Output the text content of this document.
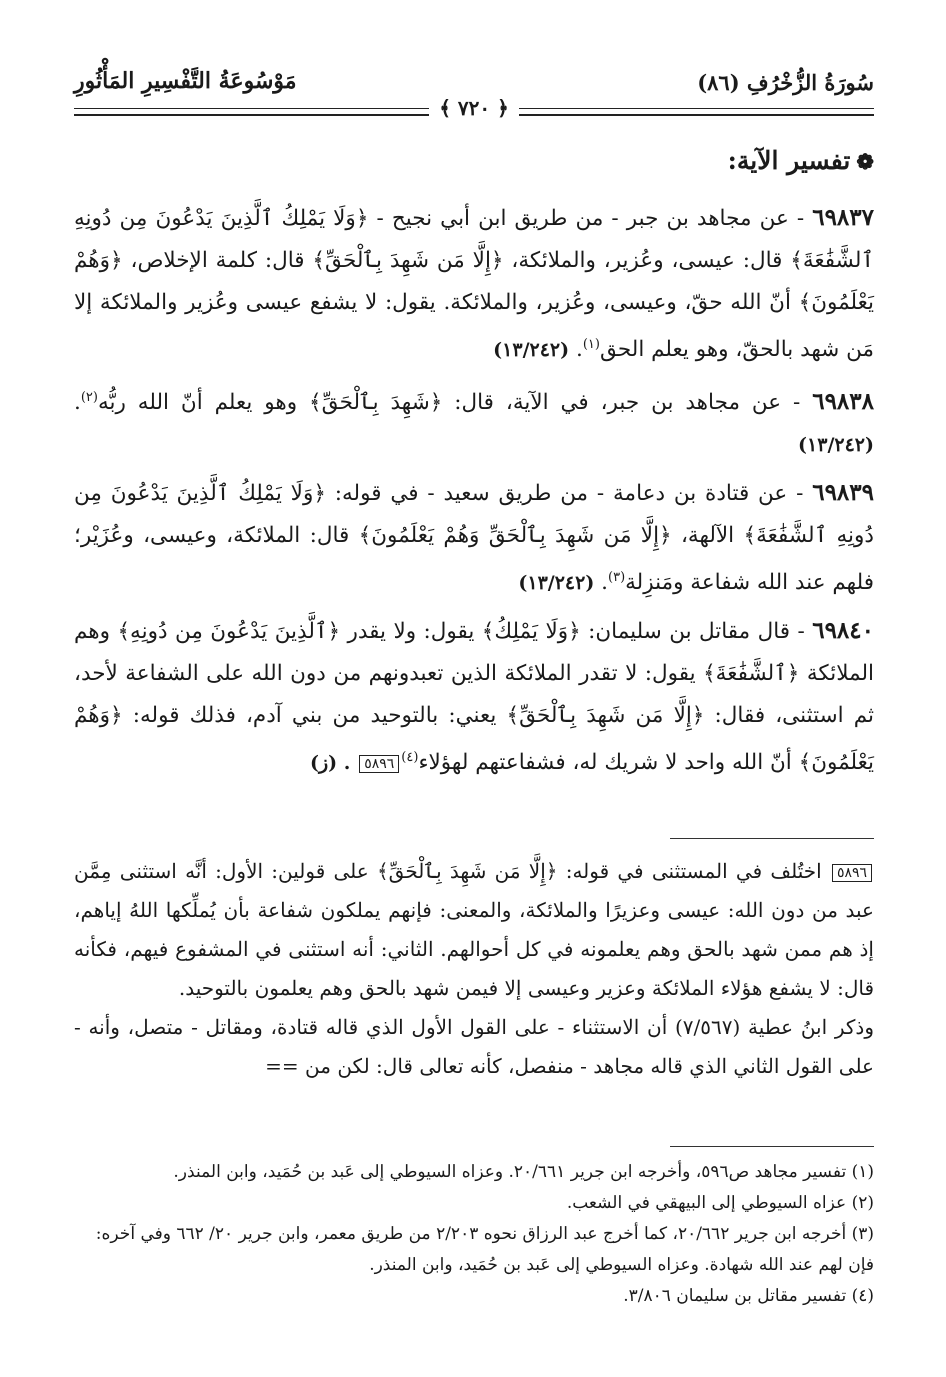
سُورَةُ الزُّخْرُفِ (٨٦)
مَوْسُوعَةُ التَّفْسِيرِ المَأْثُورِ
﴿ ٧٢٠ ﴾
❁تفسير الآية:
٦٩٨٣٧ - عن مجاهد بن جبر - من طريق ابن أبي نجيح - ﴿وَلَا يَمْلِكُ ٱلَّذِينَ يَدْعُونَ مِن دُونِهِ ٱلشَّفَٰعَةَ﴾ قال: عيسى، وعُزير، والملائكة، ﴿إِلَّا مَن شَهِدَ بِٱلْحَقِّ﴾ قال: كلمة الإخلاص، ﴿وَهُمْ يَعْلَمُونَ﴾ أنّ الله حقّ، وعيسى، وعُزير، والملائكة. يقول: لا يشفع عيسى وعُزير والملائكة إلا مَن شهد بالحقّ، وهو يعلم الحق$^{(١)}$. (١٣/٢٤٢)
٦٩٨٣٨ - عن مجاهد بن جبر، في الآية، قال: ﴿شَهِدَ بِٱلْحَقِّ﴾ وهو يعلم أنّ الله ربُّه$^{(٢)}$. (١٣/٢٤٢)
٦٩٨٣٩ - عن قتادة بن دعامة - من طريق سعيد - في قوله: ﴿وَلَا يَمْلِكُ ٱلَّذِينَ يَدْعُونَ مِن دُونِهِ ٱلشَّفَٰعَةَ﴾ الآلهة، ﴿إِلَّا مَن شَهِدَ بِٱلْحَقِّ وَهُمْ يَعْلَمُونَ﴾ قال: الملائكة، وعيسى، وعُزَيْر؛ فلهم عند الله شفاعة ومَنزِلة$^{(٣)}$. (١٣/٢٤٢)
٦٩٨٤٠ - قال مقاتل بن سليمان: ﴿وَلَا يَمْلِكُ﴾ يقول: ولا يقدر ﴿ٱلَّذِينَ يَدْعُونَ مِن دُونِهِ﴾ وهم الملائكة ﴿ٱلشَّفَٰعَةَ﴾ يقول: لا تقدر الملائكة الذين تعبدونهم من دون الله على الشفاعة لأحد، ثم استثنى، فقال: ﴿إِلَّا مَن شَهِدَ بِٱلْحَقِّ﴾ يعني: بالتوحيد من بني آدم، فذلك قوله: ﴿وَهُمْ يَعْلَمُونَ﴾ أنّ الله واحد لا شريك له، فشفاعتهم لهؤلاء$^{(٤)}$٥٨٩٦ . (ز)
٥٨٩٦ اختُلف في المستثنى في قوله: ﴿إِلَّا مَن شَهِدَ بِٱلْحَقِّ﴾ على قولين: الأول: أنَّه استثنى مِمَّن عبد من دون الله: عيسى وعزيرًا والملائكة، والمعنى: فإنهم يملكون شفاعة بأن يُملِّكها اللهُ إياهم، إذ هم ممن شهد بالحق وهم يعلمونه في كل أحوالهم. الثاني: أنه استثنى في المشفوع فيهم، فكأنه قال: لا يشفع هؤلاء الملائكة وعزير وعيسى إلا فيمن شهد بالحق وهم يعلمون بالتوحيد.
وذكر ابنُ عطية (٧/٥٦٧) أن الاستثناء - على القول الأول الذي قاله قتادة، ومقاتل - متصل، وأنه - على القول الثاني الذي قاله مجاهد - منفصل، كأنه تعالى قال: لكن من ==

(١) تفسير مجاهد ص٥٩٦، وأخرجه ابن جرير ٢٠/٦٦١. وعزاه السيوطي إلى عَبد بن حُمَيد، وابن المنذر.

(٢) عزاه السيوطي إلى البيهقي في الشعب.

(٣) أخرجه ابن جرير ٢٠/٦٦٢، كما أخرج عبد الرزاق نحوه ٢/٢٠٣ من طريق معمر، وابن جرير ٢٠/ ٦٦٢ وفي آخره: فإن لهم عند الله شهادة. وعزاه السيوطي إلى عَبد بن حُمَيد، وابن المنذر.

(٤) تفسير مقاتل بن سليمان ٣/٨٠٦.
